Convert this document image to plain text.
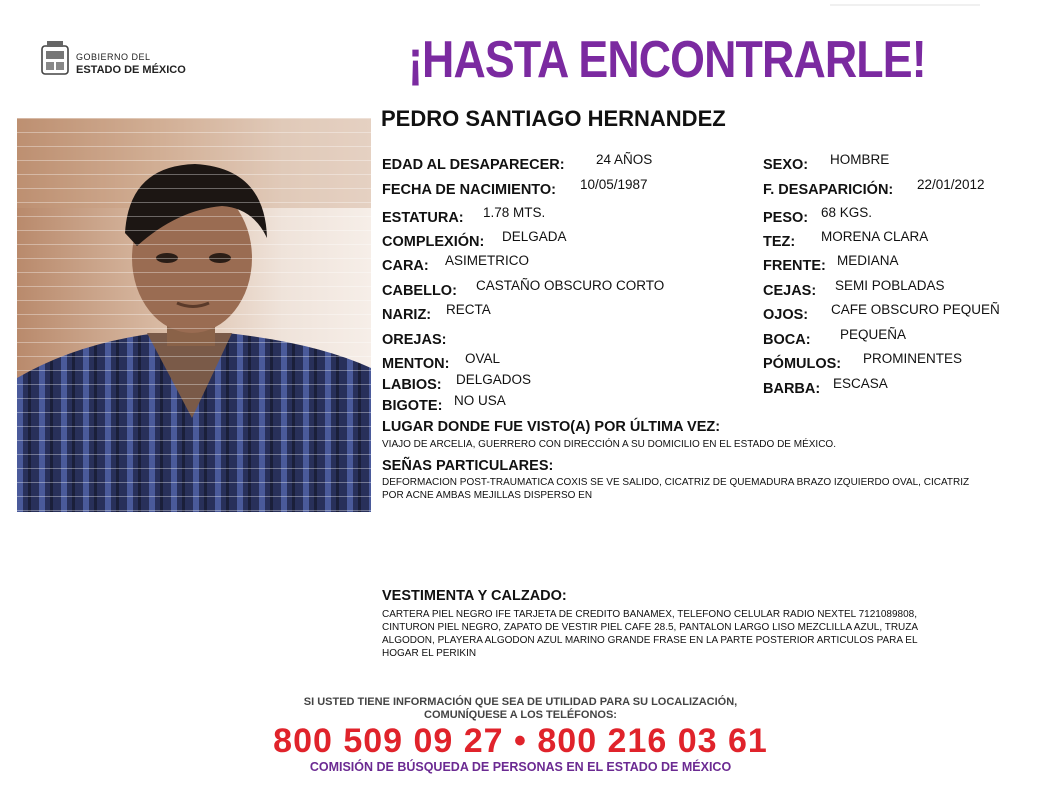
GOBIERNO DEL
ESTADO DE MÉXICO	¡HASTA ENCONTRARLE!
PEDRO SANTIAGO HERNANDEZ
EDAD AL DESAPARECER: 24 AÑOS
FECHA DE NACIMIENTO: 10/05/1987
ESTATURA: 1.78 MTS.
COMPLEXIÓN: DELGADA
CARA: ASIMETRICO
CABELLO: CASTAÑO OBSCURO CORTO
NARIZ: RECTA
OREJAS:
MENTON: OVAL
LABIOS: DELGADOS
BIGOTE: NO USA
SEXO: HOMBRE
F. DESAPARICIÓN: 22/01/2012
PESO: 68 KGS.
TEZ: MORENA CLARA
FRENTE: MEDIANA
CEJAS: SEMI POBLADAS
OJOS: CAFE OBSCURO PEQUEÑ
BOCA: PEQUEÑA
PÓMULOS: PROMINENTES
BARBA: ESCASA
LUGAR DONDE FUE VISTO(A) POR ÚLTIMA VEZ:
VIAJO DE ARCELIA, GUERRERO CON DIRECCIÓN A SU DOMICILIO EN EL ESTADO DE MÉXICO.
SEÑAS PARTICULARES:
DEFORMACION POST-TRAUMATICA COXIS SE VE SALIDO, CICATRIZ DE QUEMADURA BRAZO IZQUIERDO OVAL, CICATRIZ
POR ACNE AMBAS MEJILLAS DISPERSO EN
VESTIMENTA Y CALZADO:
CARTERA PIEL NEGRO IFE TARJETA DE CREDITO BANAMEX, TELEFONO CELULAR RADIO NEXTEL 7121089808,
CINTURON PIEL NEGRO, ZAPATO DE VESTIR PIEL CAFE 28.5, PANTALON LARGO LISO MEZCLILLA AZUL, TRUZA
ALGODON, PLAYERA ALGODON AZUL MARINO GRANDE FRASE EN LA PARTE POSTERIOR ARTICULOS PARA EL
HOGAR EL PERIKIN
SI USTED TIENE INFORMACIÓN QUE SEA DE UTILIDAD PARA SU LOCALIZACIÓN,
COMUNÍQUESE A LOS TELÉFONOS:
800 509 09 27 • 800 216 03 61
COMISIÓN DE BÚSQUEDA DE PERSONAS EN EL ESTADO DE MÉXICO
